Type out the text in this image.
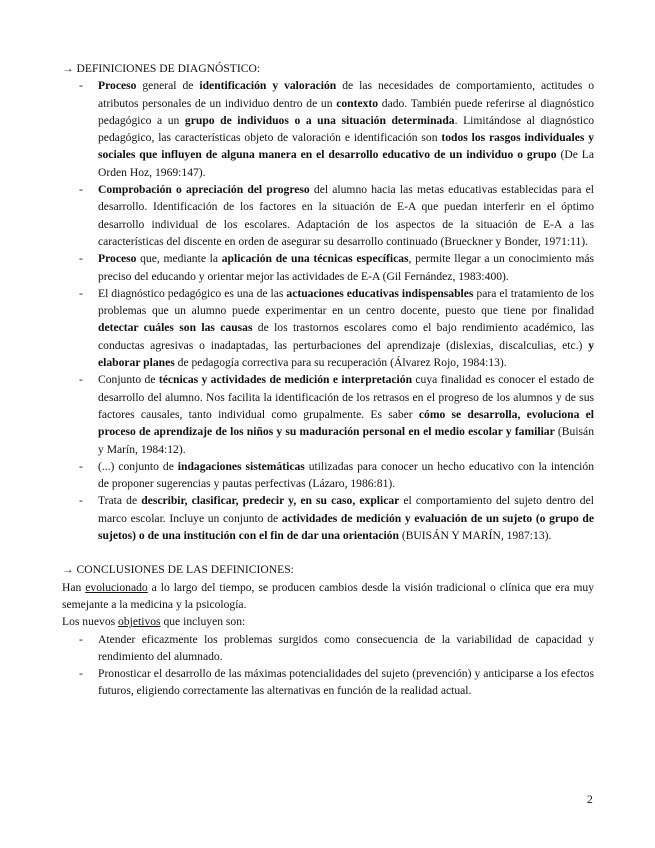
→ DEFINICIONES DE DIAGNÓSTICO:
- Proceso general de identificación y valoración de las necesidades de comportamiento, actitudes o atributos personales de un individuo dentro de un contexto dado. También puede referirse al diagnóstico pedagógico a un grupo de individuos o a una situación determinada. Limitándose al diagnóstico pedagógico, las características objeto de valoración e identificación son todos los rasgos individuales y sociales que influyen de alguna manera en el desarrollo educativo de un individuo o grupo (De La Orden Hoz, 1969:147).
- Comprobación o apreciación del progreso del alumno hacia las metas educativas establecidas para el desarrollo. Identificación de los factores en la situación de E-A que puedan interferir en el óptimo desarrollo individual de los escolares. Adaptación de los aspectos de la situación de E-A a las características del discente en orden de asegurar su desarrollo continuado (Brueckner y Bonder, 1971:11).
- Proceso que, mediante la aplicación de una técnicas específicas, permite llegar a un conocimiento más preciso del educando y orientar mejor las actividades de E-A (Gil Fernández, 1983:400).
- El diagnóstico pedagógico es una de las actuaciones educativas indispensables para el tratamiento de los problemas que un alumno puede experimentar en un centro docente, puesto que tiene por finalidad detectar cuáles son las causas de los trastornos escolares como el bajo rendimiento académico, las conductas agresivas o inadaptadas, las perturbaciones del aprendizaje (dislexias, discalculias, etc.) y elaborar planes de pedagogía correctiva para su recuperación (Álvarez Rojo, 1984:13).
- Conjunto de técnicas y actividades de medición e interpretación cuya finalidad es conocer el estado de desarrollo del alumno. Nos facilita la identificación de los retrasos en el progreso de los alumnos y de sus factores causales, tanto individual como grupalmente. Es saber cómo se desarrolla, evoluciona el proceso de aprendizaje de los niños y su maduración personal en el medio escolar y familiar (Buisán y Marín, 1984:12).
- (...) conjunto de indagaciones sistemáticas utilizadas para conocer un hecho educativo con la intención de proponer sugerencias y pautas perfectivas (Lázaro, 1986:81).
- Trata de describir, clasificar, predecir y, en su caso, explicar el comportamiento del sujeto dentro del marco escolar. Incluye un conjunto de actividades de medición y evaluación de un sujeto (o grupo de sujetos) o de una institución con el fin de dar una orientación (BUISÁN Y MARÍN, 1987:13).
→ CONCLUSIONES DE LAS DEFINICIONES:

Han evolucionado a lo largo del tiempo, se producen cambios desde la visión tradicional o clínica que era muy semejante a la medicina y la psicología.

Los nuevos objetivos que incluyen son:

- Atender eficazmente los problemas surgidos como consecuencia de la variabilidad de capacidad y rendimiento del alumnado.
- Pronosticar el desarrollo de las máximas potencialidades del sujeto (prevención) y anticiparse a los efectos futuros, eligiendo correctamente las alternativas en función de la realidad actual.
2
